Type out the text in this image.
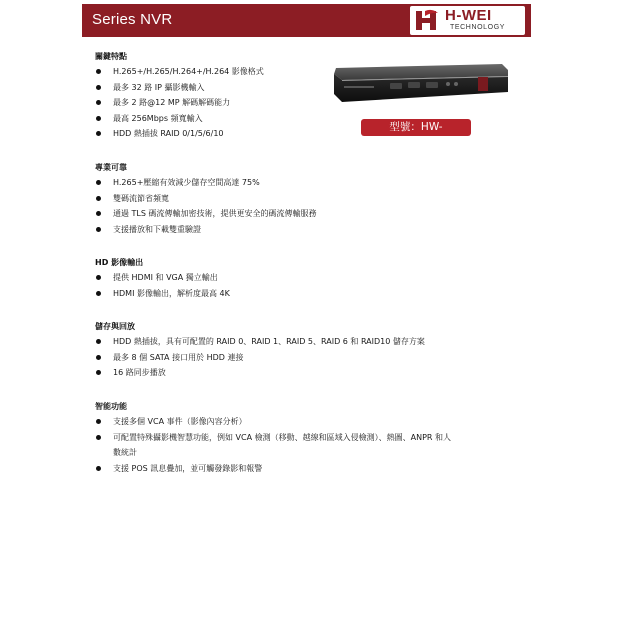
Series NVR	H-WEI
TECHNOLOGY
型號：HW-DR832NV8
關鍵特點
H.265+/H.265/H.264+/H.264 影像格式
最多 32 路 IP 攝影機輸入
最多 2 路@12 MP 解碼解碼能力
最高 256Mbps 頻寬輸入
HDD 熱插拔 RAID 0/1/5/6/10
專業可靠
H.265+壓縮有效減少儲存空間高達 75%
雙碼流節省頻寬
通過 TLS 碼流傳輸加密技術，提供更安全的碼流傳輸服務
支援播放和下載雙重驗證
HD 影像輸出
提供 HDMI 和 VGA 獨立輸出
HDMI 影像輸出，解析度最高 4K
儲存與回放
HDD 熱插拔，具有可配置的 RAID 0、RAID 1、RAID 5、RAID 6 和 RAID10 儲存方案
最多 8 個 SATA 接口用於 HDD 連接
16 路同步播放
智能功能
支援多個 VCA 事件（影像內容分析）
可配置特殊攝影機智慧功能，例如 VCA 檢測（移動、越線和區域入侵檢測）、熱圖、ANPR 和人數統計
支援 POS 訊息疊加，並可觸發錄影和報警
